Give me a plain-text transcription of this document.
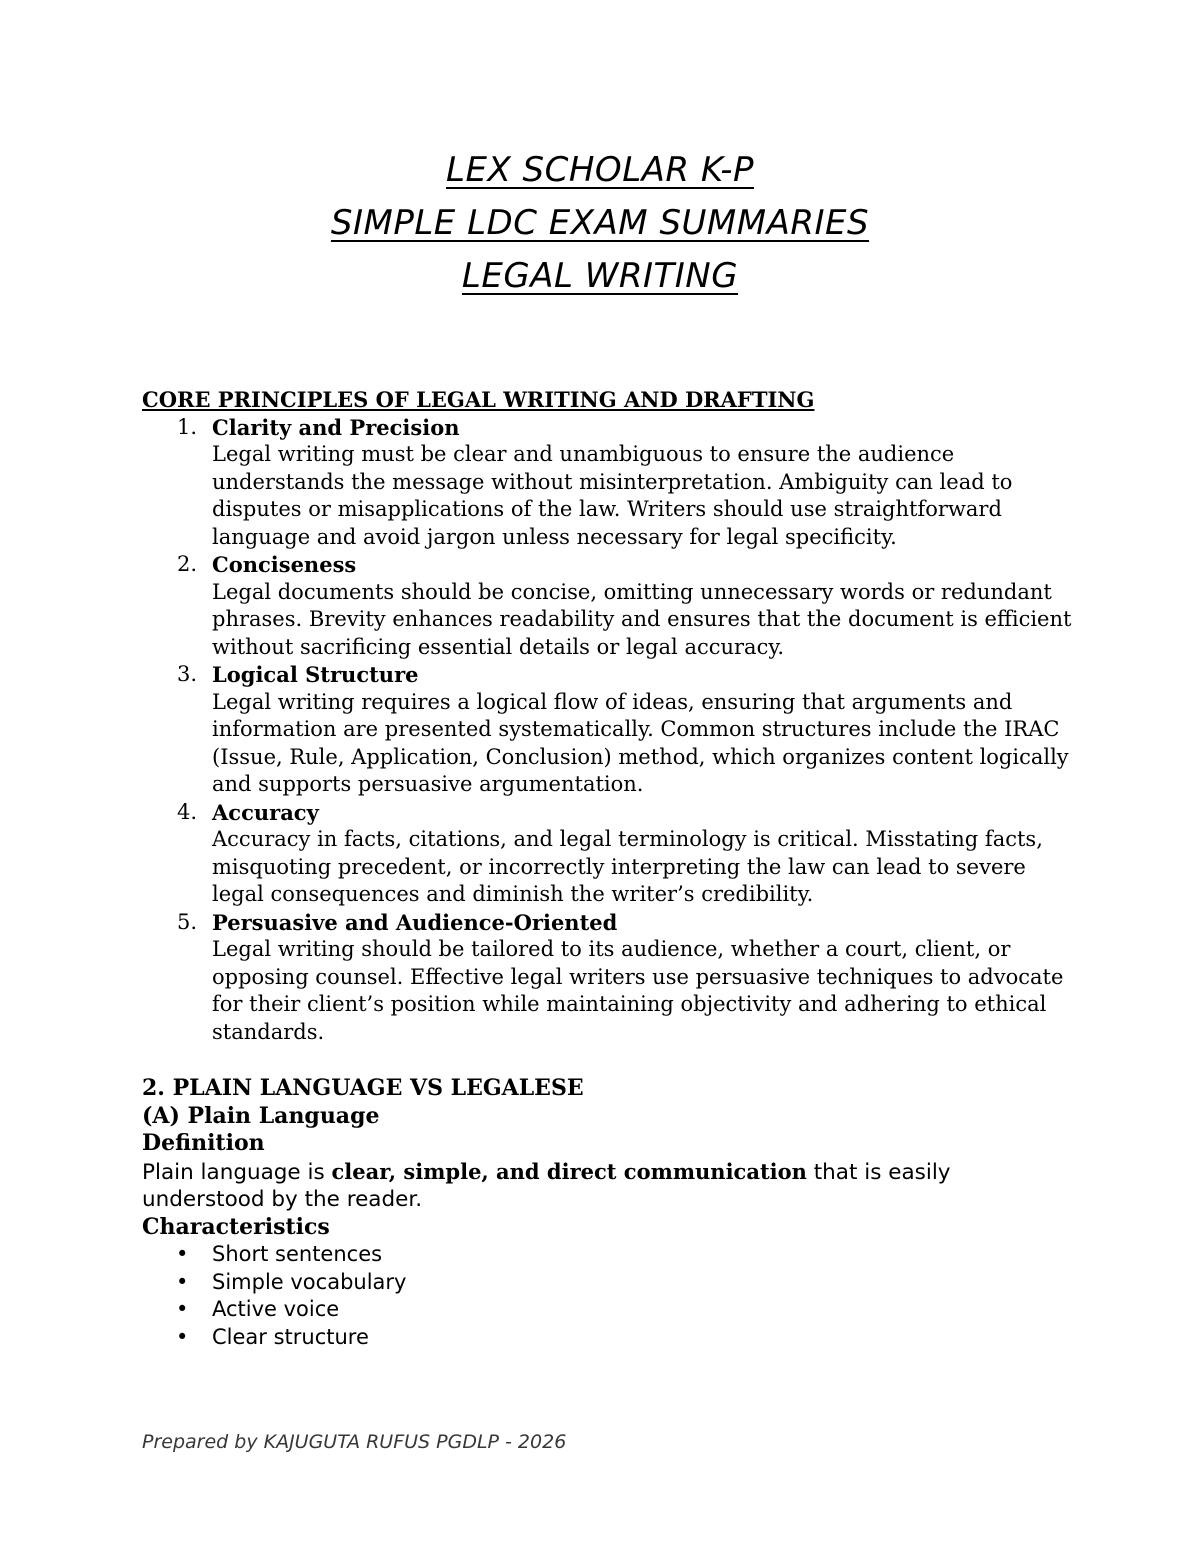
LEX SCHOLAR K-P
SIMPLE LDC EXAM SUMMARIES
LEGAL WRITING
CORE PRINCIPLES OF LEGAL WRITING AND DRAFTING
1. Clarity and Precision
Legal writing must be clear and unambiguous to ensure the audience understands the message without misinterpretation. Ambiguity can lead to disputes or misapplications of the law. Writers should use straightforward language and avoid jargon unless necessary for legal specificity.
2. Conciseness
Legal documents should be concise, omitting unnecessary words or redundant phrases. Brevity enhances readability and ensures that the document is efficient without sacrificing essential details or legal accuracy.
3. Logical Structure
Legal writing requires a logical flow of ideas, ensuring that arguments and information are presented systematically. Common structures include the IRAC (Issue, Rule, Application, Conclusion) method, which organizes content logically and supports persuasive argumentation.
4. Accuracy
Accuracy in facts, citations, and legal terminology is critical. Misstating facts, misquoting precedent, or incorrectly interpreting the law can lead to severe legal consequences and diminish the writer’s credibility.
5. Persuasive and Audience-Oriented
Legal writing should be tailored to its audience, whether a court, client, or opposing counsel. Effective legal writers use persuasive techniques to advocate for their client’s position while maintaining objectivity and adhering to ethical standards.
2. PLAIN LANGUAGE VS LEGALESE
(A) Plain Language
Definition
Plain language is clear, simple, and direct communication that is easily understood by the reader.
Characteristics
• Short sentences
• Simple vocabulary
• Active voice
• Clear structure
Prepared by KAJUGUTA RUFUS PGDLP - 2026
